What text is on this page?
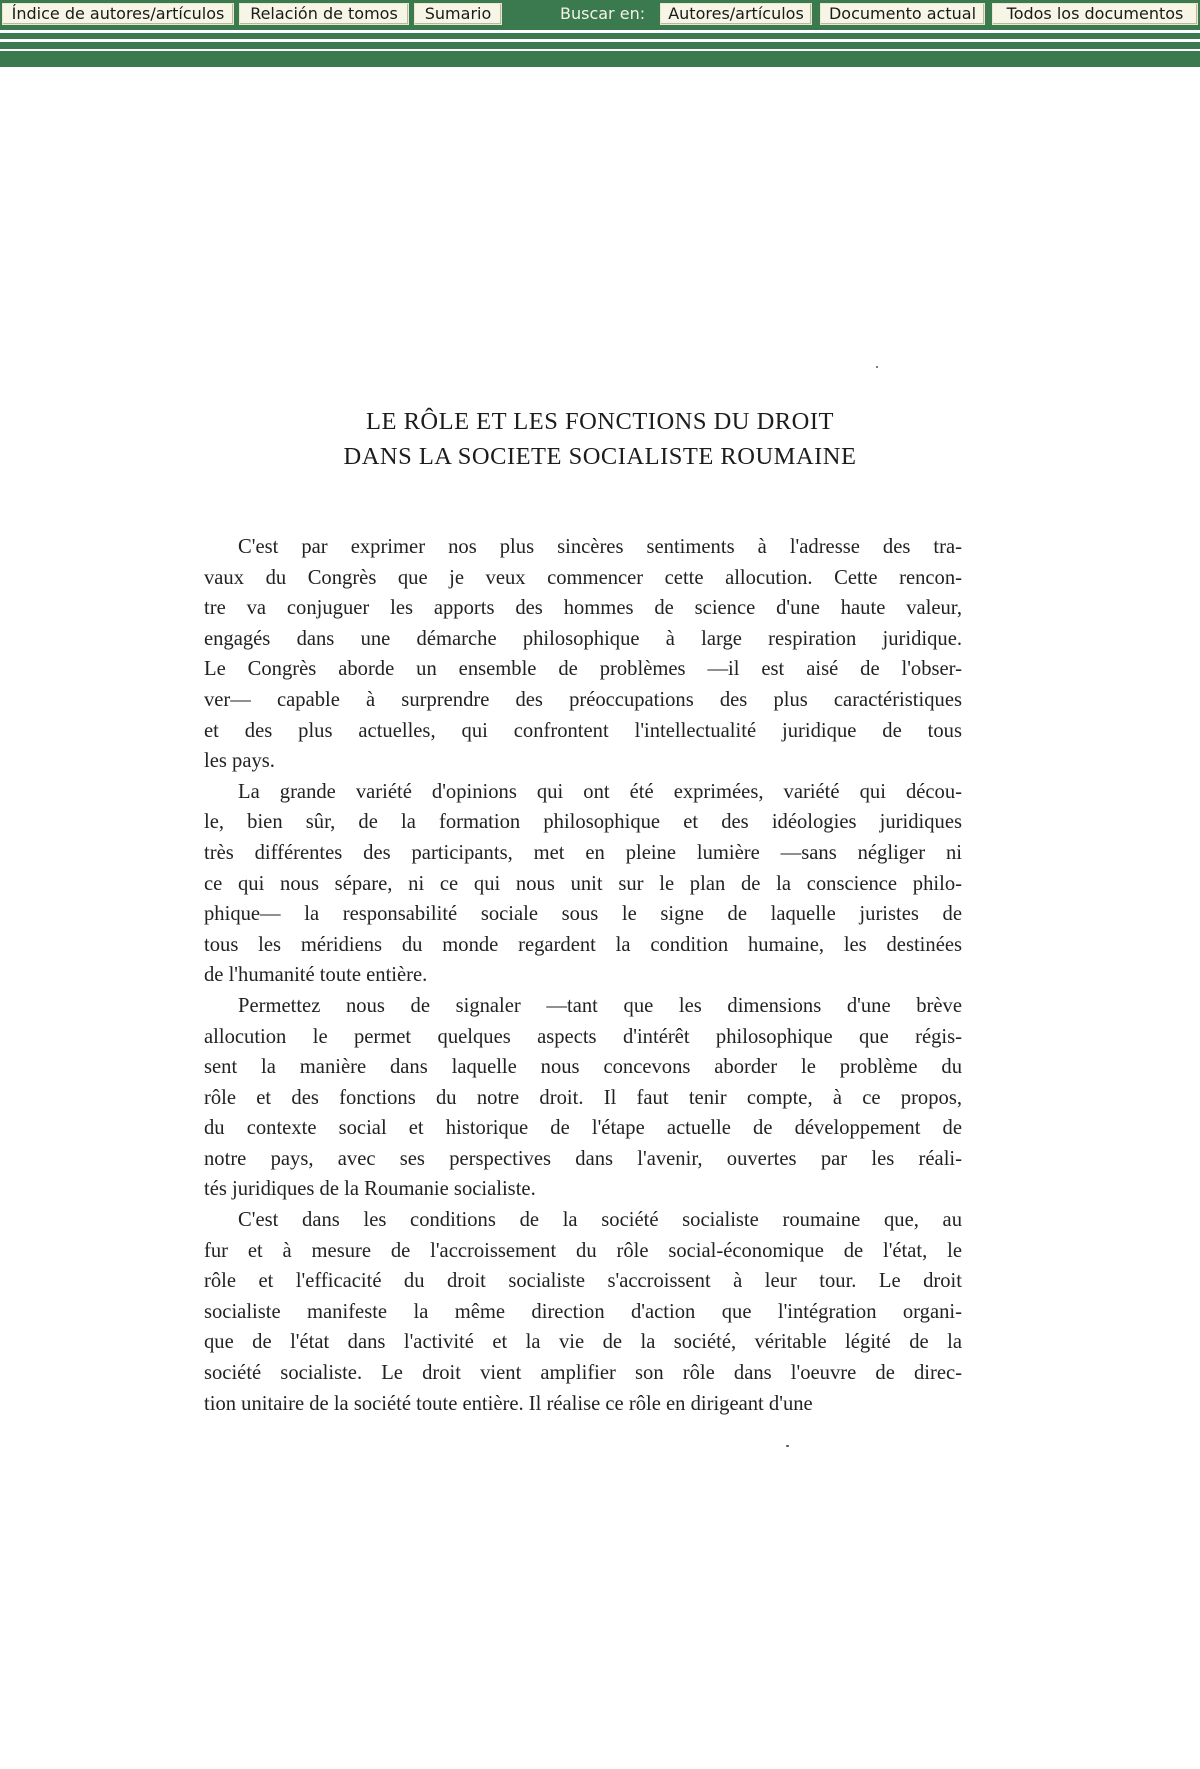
Índice de autores/artículos	Relación de tomos	Sumario	Buscar en:	Autores/artículos	Documento actual	Todos los documentos
LE RÔLE ET LES FONCTIONS DU DROIT
DANS LA SOCIETE SOCIALISTE ROUMAINE

C'est par exprimer nos plus sincères sentiments à l'adresse des tra-
vaux du Congrès que je veux commencer cette allocution. Cette rencon-
tre va conjuguer les apports des hommes de science d'une haute valeur,
engagés dans une démarche philosophique à large respiration juridique.
Le Congrès aborde un ensemble de problèmes —il est aisé de l'obser-
ver— capable à surprendre des préoccupations des plus caractéristiques
et des plus actuelles, qui confrontent l'intellectualité juridique de tous
les pays.

La grande variété d'opinions qui ont été exprimées, variété qui décou-
le, bien sûr, de la formation philosophique et des idéologies juridiques
très différentes des participants, met en pleine lumière —sans négliger ni
ce qui nous sépare, ni ce qui nous unit sur le plan de la conscience philo-
phique— la responsabilité sociale sous le signe de laquelle juristes de
tous les méridiens du monde regardent la condition humaine, les destinées
de l'humanité toute entière.

Permettez nous de signaler —tant que les dimensions d'une brève
allocution le permet quelques aspects d'intérêt philosophique que régis-
sent la manière dans laquelle nous concevons aborder le problème du
rôle et des fonctions du notre droit. Il faut tenir compte, à ce propos,
du contexte social et historique de l'étape actuelle de développement de
notre pays, avec ses perspectives dans l'avenir, ouvertes par les réali-
tés juridiques de la Roumanie socialiste.

C'est dans les conditions de la société socialiste roumaine que, au
fur et à mesure de l'accroissement du rôle social-économique de l'état, le
rôle et l'efficacité du droit socialiste s'accroissent à leur tour. Le droit
socialiste manifeste la même direction d'action que l'intégration organi-
que de l'état dans l'activité et la vie de la société, véritable légité de la
société socialiste. Le droit vient amplifier son rôle dans l'oeuvre de direc-
tion unitaire de la société toute entière. Il réalise ce rôle en dirigeant d'une
